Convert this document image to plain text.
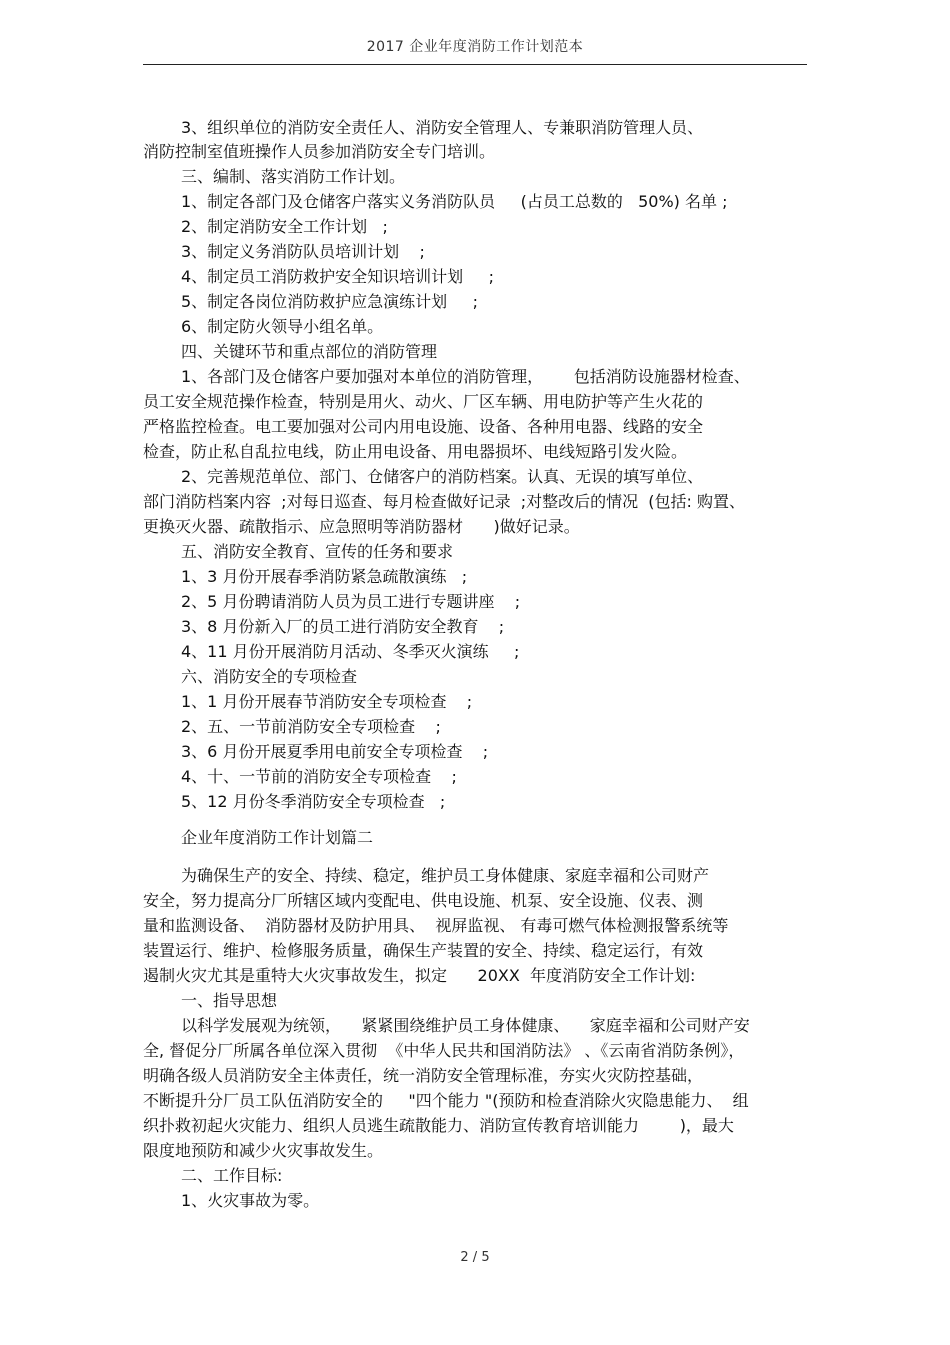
2017 企业年度消防工作计划范本
3、组织单位的消防安全责任人、消防安全管理人、专兼职消防管理人员、
消防控制室值班操作人员参加消防安全专门培训。
三、编制、落实消防工作计划。
1、制定各部门及仓储客户落实义务消防队员     (占员工总数的   50%) 名单 ;
2、制定消防安全工作计划   ;
3、制定义务消防队员培训计划    ;
4、制定员工消防救护安全知识培训计划     ;
5、制定各岗位消防救护应急演练计划     ;
6、制定防火领导小组名单。
四、关键环节和重点部位的消防管理
1、各部门及仓储客户要加强对本单位的消防管理，      包括消防设施器材检查、
员工安全规范操作检查，特别是用火、动火、厂区车辆、用电防护等产生火花的
严格监控检查。电工要加强对公司内用电设施、设备、各种用电器、线路的安全
检查，防止私自乱拉电线，防止用电设备、用电器损坏、电线短路引发火险。
2、完善规范单位、部门、仓储客户的消防档案。认真、无误的填写单位、
部门消防档案内容  ;对每日巡查、每月检查做好记录  ;对整改后的情况  (包括: 购置、
更换灭火器、疏散指示、应急照明等消防器材      )做好记录。
五、消防安全教育、宣传的任务和要求
1、3 月份开展春季消防紧急疏散演练   ;
2、5 月份聘请消防人员为员工进行专题讲座    ;
3、8 月份新入厂的员工进行消防安全教育    ;
4、11 月份开展消防月活动、冬季灭火演练     ;
六、消防安全的专项检查
1、1 月份开展春节消防安全专项检查    ;
2、五、一节前消防安全专项检查    ;
3、6 月份开展夏季用电前安全专项检查    ;
4、十、一节前的消防安全专项检查    ;
5、12 月份冬季消防安全专项检查   ;
企业年度消防工作计划篇二
为确保生产的安全、持续、稳定，维护员工身体健康、家庭幸福和公司财产
安全，努力提高分厂所辖区域内变配电、供电设施、机泵、安全设施、仪表、测
量和监测设备、  消防器材及防护用具、  视屏监视、 有毒可燃气体检测报警系统等
装置运行、维护、检修服务质量，确保生产装置的安全、持续、稳定运行，有效
遏制火灾尤其是重特大火灾事故发生，拟定      20XX  年度消防安全工作计划:
一、指导思想
以科学发展观为统领，    紧紧围绕维护员工身体健康、    家庭幸福和公司财产安
全, 督促分厂所属各单位深入贯彻  《中华人民共和国消防法》 、《云南省消防条例》，
明确各级人员消防安全主体责任，统一消防安全管理标准，夯实火灾防控基础，
不断提升分厂员工队伍消防安全的     "四个能力 "(预防和检查消除火灾隐患能力、  组
织扑救初起火灾能力、组织人员逃生疏散能力、消防宣传教育培训能力        )，最大
限度地预防和减少火灾事故发生。
二、工作目标:
1、火灾事故为零。
2 / 5
